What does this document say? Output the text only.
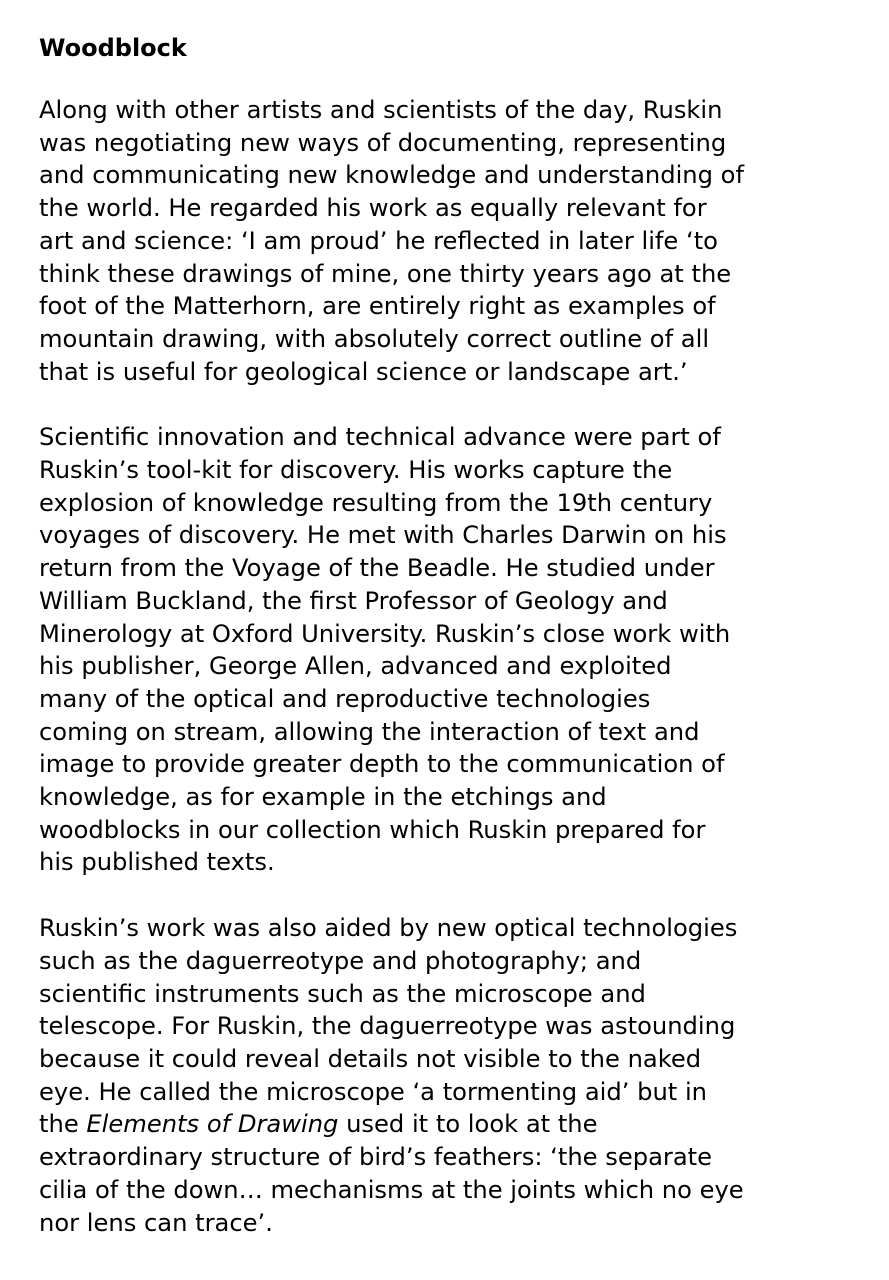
Woodblock

Along with other artists and scientists of the day, Ruskin
was negotiating new ways of documenting, representing
and communicating new knowledge and understanding of
the world. He regarded his work as equally relevant for
art and science: ‘I am proud’ he reflected in later life ‘to
think these drawings of mine, one thirty years ago at the
foot of the Matterhorn, are entirely right as examples of
mountain drawing, with absolutely correct outline of all
that is useful for geological science or landscape art.’

Scientific innovation and technical advance were part of
Ruskin’s tool-kit for discovery. His works capture the
explosion of knowledge resulting from the 19th century
voyages of discovery. He met with Charles Darwin on his
return from the Voyage of the Beadle. He studied under
William Buckland, the first Professor of Geology and
Minerology at Oxford University. Ruskin’s close work with
his publisher, George Allen, advanced and exploited
many of the optical and reproductive technologies
coming on stream, allowing the interaction of text and
image to provide greater depth to the communication of
knowledge, as for example in the etchings and
woodblocks in our collection which Ruskin prepared for
his published texts.

Ruskin’s work was also aided by new optical technologies
such as the daguerreotype and photography; and
scientific instruments such as the microscope and
telescope. For Ruskin, the daguerreotype was astounding
because it could reveal details not visible to the naked
eye. He called the microscope ‘a tormenting aid’ but in
the Elements of Drawing used it to look at the
extraordinary structure of bird’s feathers: ‘the separate
cilia of the down… mechanisms at the joints which no eye
nor lens can trace’.
